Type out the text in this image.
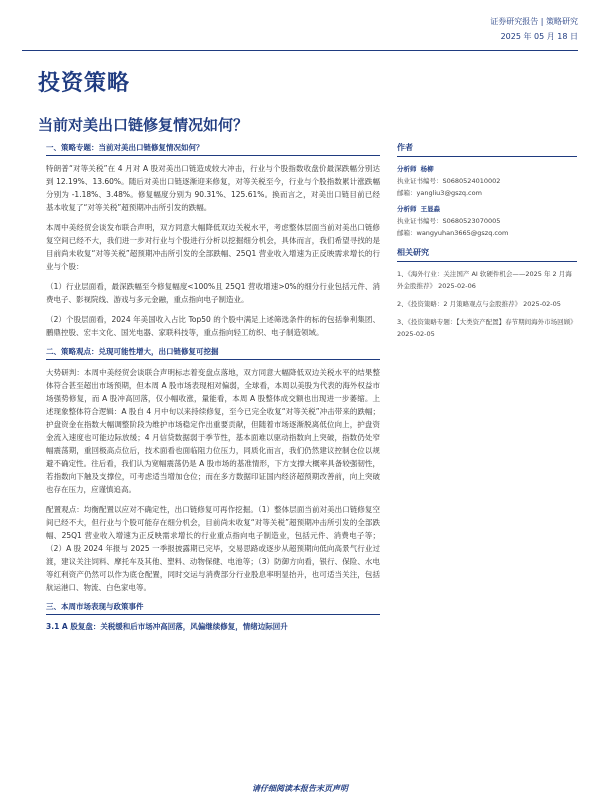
证券研究报告 | 策略研究
2025 年 05 月 18 日
投资策略
当前对美出口链修复情况如何？
一、策略专题：当前对美出口链修复情况如何？

特朗普“对等关税”在 4 月对 A 股对美出口链造成较大冲击，行业与个股指数收盘价最深跌幅分别达到 12.19%、13.60%。随后对美出口链逐渐迎来修复，对等关税至今，行业与个股指数累计涨跌幅分别为 -1.18%、3.48%。修复幅度分别为 90.31%、125.61%。换而言之，对美出口链目前已经基本收复了“对等关税”超预期冲击所引发的跌幅。

本周中美经贸会谈发布联合声明，双方同意大幅降低双边关税水平，考虑整体层面当前对美出口链修复空间已经不大，我们进一步对行业与个股进行分析以挖掘细分机会，具体而言，我们希望寻找的是目前尚未收复“对等关税”超预期冲击所引发的全部跌幅、25Q1 营业收入增速为正反映需求增长的行业与个股：

（1）行业层面看，最深跌幅至今修复幅度<100%且 25Q1 营收增速>0%的细分行业包括元件、消费电子、影视院线、游戏与多元金融，重点指向电子制造业。

（2）个股层面看，2024 年美国收入占比 Top50 的个股中满足上述筛选条件的标的包括拳利集团、鹏鼎控股、宏丰文化、国光电器、家联科技等，重点指向轻工纺织、电子制造领域。

二、策略观点：兑现可能性增大，出口链修复可挖掘

大势研判：本周中美经贸会谈联合声明标志着变盘点落地，双方同意大幅降低双边关税水平的结果整体符合甚至超出市场预期，但本周 A 股市场表现相对偏弱，全球看，本周以美股为代表的海外权益市场强势修复，而 A 股冲高回落，仅小幅收涨，量能看，本周 A 股整体成交额也出现进一步萎缩。上述现象整体符合逻辑：A 股自 4 月中旬以来持续修复，至今已完全收复“对等关税”冲击带来的跌幅；护盘资金在指数大幅调整阶段为维护市场稳定作出重要贡献，但随着市场逐渐脱离低位向上，护盘资金流入速度也可能边际放缓；4 月信贷数据弱于季节性，基本面难以驱动指数向上突破，指数仍处窄幅震荡期，重回极高点位后，技术面看也面临阻力位压力，同质化而言，我们仍然建议控制仓位以规避不确定性。往后看，我们认为宽幅震荡仍是 A 股市场的基准情形，下方支撑大概率具备较强韧性，若指数向下触及支撑位，可考虑适当增加仓位；而在多方数据印证国内经济超预期改善前，向上突破也存在压力，应谨慎追高。

配置观点：均衡配置以应对不确定性，出口链修复可再作挖掘。（1）整体层面当前对美出口链修复空间已经不大，但行业与个股可能存在细分机会，目前尚未收复“对等关税”超预期冲击所引发的全部跌幅、25Q1 营业收入增速为正反映需求增长的行业重点指向电子制造业，包括元件、消费电子等；（2）A 股 2024 年报与 2025 一季报披露期已完毕，交易思路或逐步从超预期向低向高景气行业过渡，建议关注饲料、摩托车及其他、塑料、动物保健、电池等；（3）防御方向看，银行、保险、水电等红利资产仍然可以作为底仓配置，同时交运与消费部分行业股息率明显抬升，也可适当关注，包括航运港口、物流、白色家电等。

三、本周市场表现与政策事件
3.1 A 股复盘：关税缓和后市场冲高回落，风偏继续修复，情绪边际回升
作者
分析师 杨柳
执业证书编号：S0680524010002
邮箱：yangliu3@gszq.com
分析师 王显淼
执业证书编号：S0680523070005
邮箱：wangyuhan3665@gszq.com
相关研究
1、《海外行业：关注国产 AI 软硬件机会——2025 年 2 月海外金股推荐》 2025-02-06
2、《投资策略：2 月策略观点与金股推荐》 2025-02-05
3、《投资策略专题：【大类资产配置】春节期间海外市场回顾》 2025-02-05
请仔细阅读本报告末页声明
